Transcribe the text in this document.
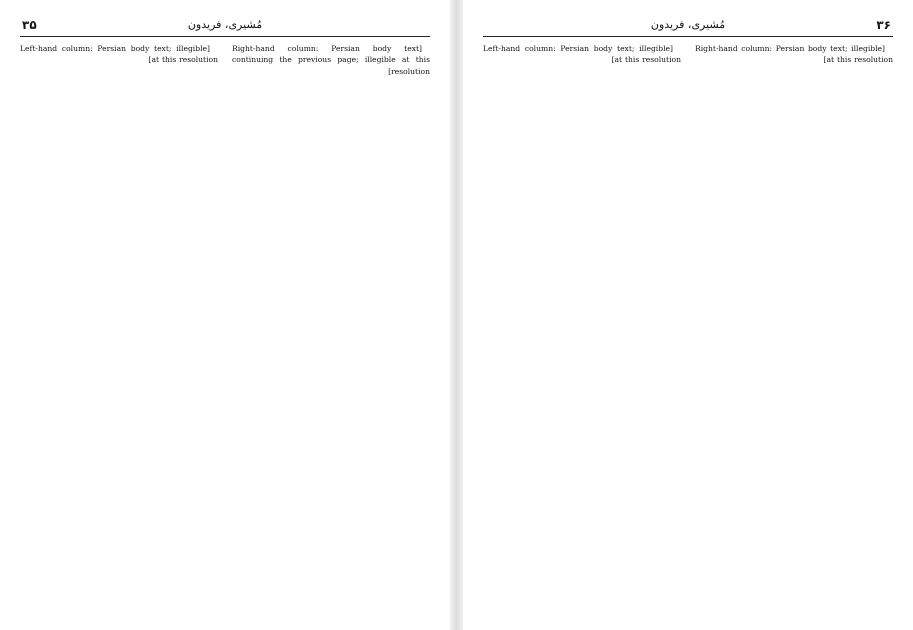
۳۵	مُشیری، فریدون

[Right-hand column: Persian body text continuing the previous page; illegible at this resolution]

[Left-hand column: Persian body text; illegible at this resolution]

۳۶
مُشیری، فریدون

[Right-hand column: Persian body text; illegible at this resolution]

[Left-hand column: Persian body text; illegible at this resolution]
